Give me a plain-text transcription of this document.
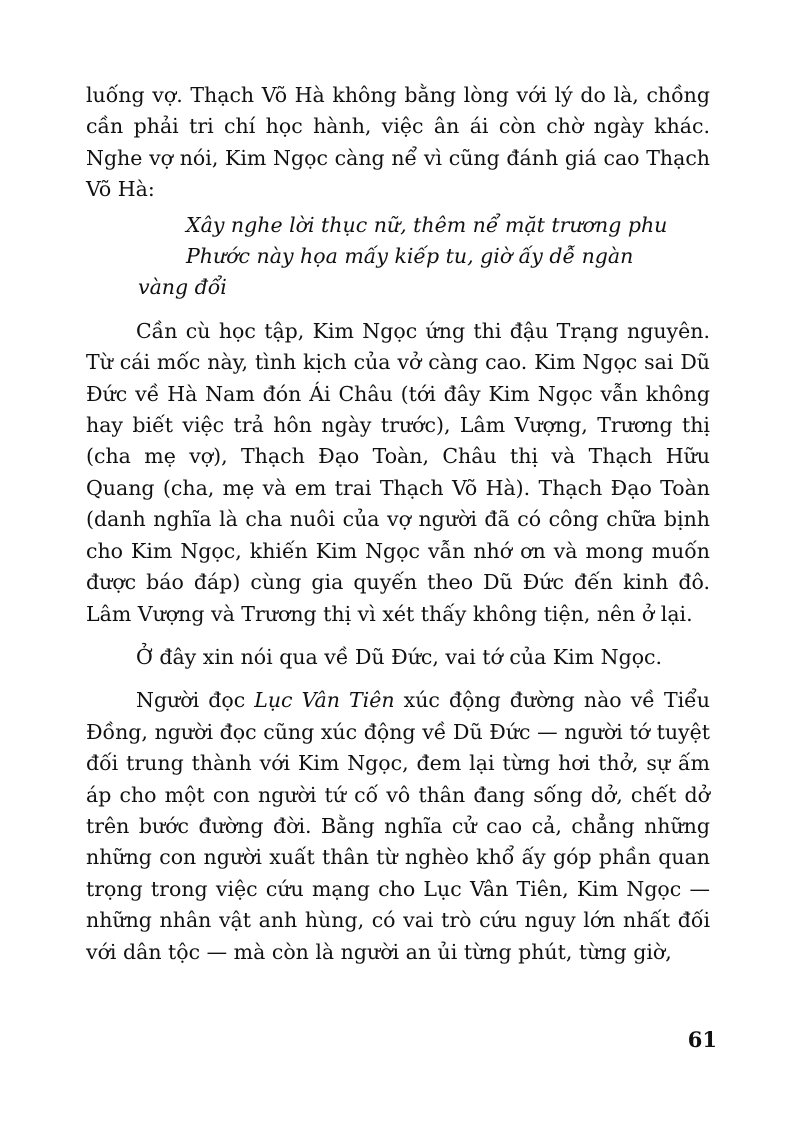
luống vợ. Thạch Võ Hà không bằng lòng với lý do là, chồng cần phải tri chí học hành, việc ân ái còn chờ ngày khác. Nghe vợ nói, Kim Ngọc càng nể vì cũng đánh giá cao Thạch Võ Hà:

Xây nghe lời thục nữ, thêm nể mặt trương phu

Phước này họa mấy kiếp tu, giờ ấy dễ ngàn
vàng đổi

Cần cù học tập, Kim Ngọc ứng thi đậu Trạng nguyên. Từ cái mốc này, tình kịch của vở càng cao. Kim Ngọc sai Dũ Đức về Hà Nam đón Ái Châu (tới đây Kim Ngọc vẫn không hay biết việc trả hôn ngày trước), Lâm Vượng, Trương thị (cha mẹ vợ), Thạch Đạo Toàn, Châu thị và Thạch Hữu Quang (cha, mẹ và em trai Thạch Võ Hà). Thạch Đạo Toàn (danh nghĩa là cha nuôi của vợ người đã có công chữa bịnh cho Kim Ngọc, khiến Kim Ngọc vẫn nhớ ơn và mong muốn được báo đáp) cùng gia quyến theo Dũ Đức đến kinh đô. Lâm Vượng và Trương thị vì xét thấy không tiện, nên ở lại.

Ở đây xin nói qua về Dũ Đức, vai tớ của Kim Ngọc.

Người đọc Lục Vân Tiên xúc động đường nào về Tiểu Đồng, người đọc cũng xúc động về Dũ Đức — người tớ tuyệt đối trung thành với Kim Ngọc, đem lại từng hơi thở, sự ấm áp cho một con người tứ cố vô thân đang sống dở, chết dở trên bước đường đời. Bằng nghĩa cử cao cả, chẳng những những con người xuất thân từ nghèo khổ ấy góp phần quan trọng trong việc cứu mạng cho Lục Vân Tiên, Kim Ngọc — những nhân vật anh hùng, có vai trò cứu nguy lớn nhất đối với dân tộc — mà còn là người an ủi từng phút, từng giờ,

61
